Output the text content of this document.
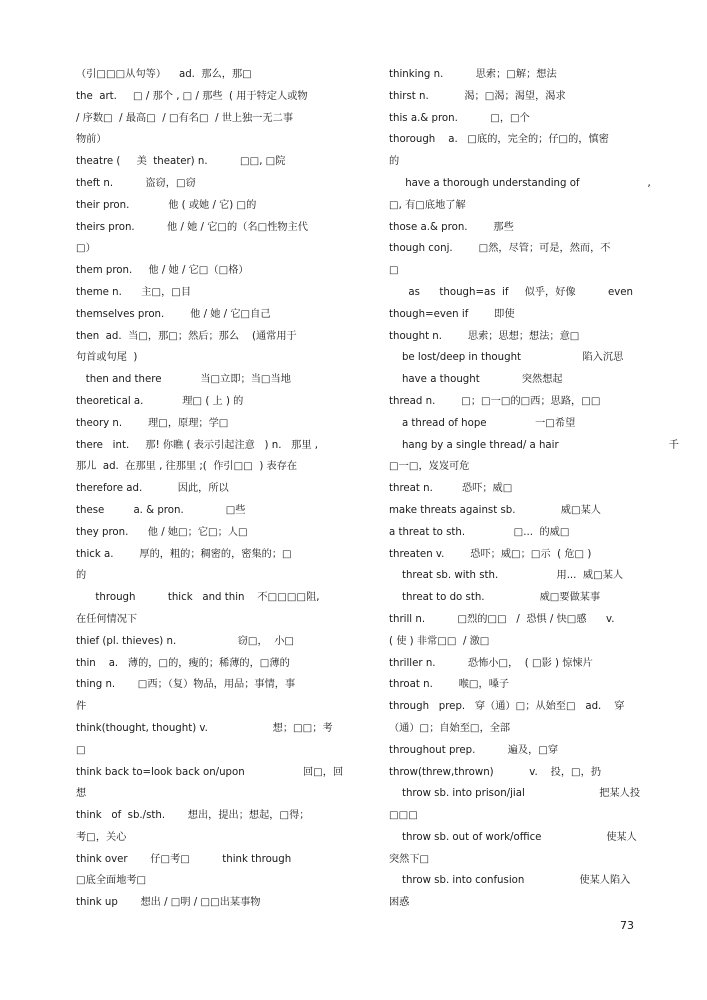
（引□□□从句等）    ad.  那么，那□
the  art.     □ / 那个 , □ / 那些  ( 用于特定人或物
/ 序数□  / 最高□  / □有名□  / 世上独一无二事
物前）
theatre (     美  theater) n.          □□, □院
theft n.          盗窃，□窃
their pron.            他 ( 或她 / 它) □的
theirs pron.          他 / 她 / 它□的（名□性物主代
□）
them pron.     他 / 她 / 它□（□格）
theme n.      主□，□目
themselves pron.        他 / 她 / 它□自己
then  ad.  当□，那□；然后；那么    (通常用于
句首或句尾  )
then and there            当□立即；当□当地
theoretical a.            理□ ( 上 ) 的
theory n.        理□，原理；学□
there   int.     那! 你瞧 ( 表示引起注意   ) n.   那里 ,
那儿  ad.  在那里 , 往那里 ;(  作引□□  ) 表存在
therefore ad.           因此，所以
these         a. & pron.             □些
they pron.      他 / 她□；它□；人□
thick a.        厚的，粗的；稠密的，密集的；□
的
through          thick   and thin    不□□□□阻,
在任何情况下
thief (pl. thieves) n.                   窃□，  小□
thin    a.   薄的，□的，瘦的；稀薄的，□薄的
thing n.       □西；（复）物品，用品；事情，事
件
think(thought, thought) v.                    想；□□；考
□
think back to=look back on/upon                  回□，回
想
think   of  sb./sth.       想出，提出；想起，□得；
考□，关心
think over       仔□考□          think through
□底全面地考□
think up       想出 / □明 / □□出某事物
thinking n.          思索；□解；想法
thirst n.           渴；□渴；渴望，渴求
this a.& pron.          □，□个
thorough    a.   □底的，完全的；仔□的，慎密
的
have a thorough understanding of                     ,
□, 有□底地了解
those a.& pron.        那些
though conj.        □然，尽管；可是，然而，不
□
as      though=as  if     似乎，好像          even
though=even if        即使
thought n.        思索；思想；想法；意□
be lost/deep in thought                   陷入沉思
have a thought             突然想起
thread n.        □；□一□的□西；思路，□□
a thread of hope               一□希望
hang by a single thread/ a hair                                  千
□一□，岌岌可危
threat n.         恐吓；威□
make threats against sb.              威□某人
a threat to sth.               □...  的威□
threaten v.        恐吓；威□；□示  ( 危□ )
threat sb. with sth.                  用...  威□某人
threat to do sth.                 威□要做某事
thrill n.          □烈的□□   /  恐惧 / 快□感      v.
( 使 ) 非常□□  / 激□
thriller n.          恐怖小□，  ( □影 ) 惊悚片
throat n.        喉□，嗓子
through   prep.   穿（通）□；从始至□   ad.    穿
（通）□；自始至□，全部
throughout prep.          遍及，□穿
throw(threw,thrown)           v.    投，□，扔
throw sb. into prison/jial                       把某人投
□□□
throw sb. out of work/office                    使某人
突然下□
throw sb. into confusion                 使某人陷入
困惑
73
